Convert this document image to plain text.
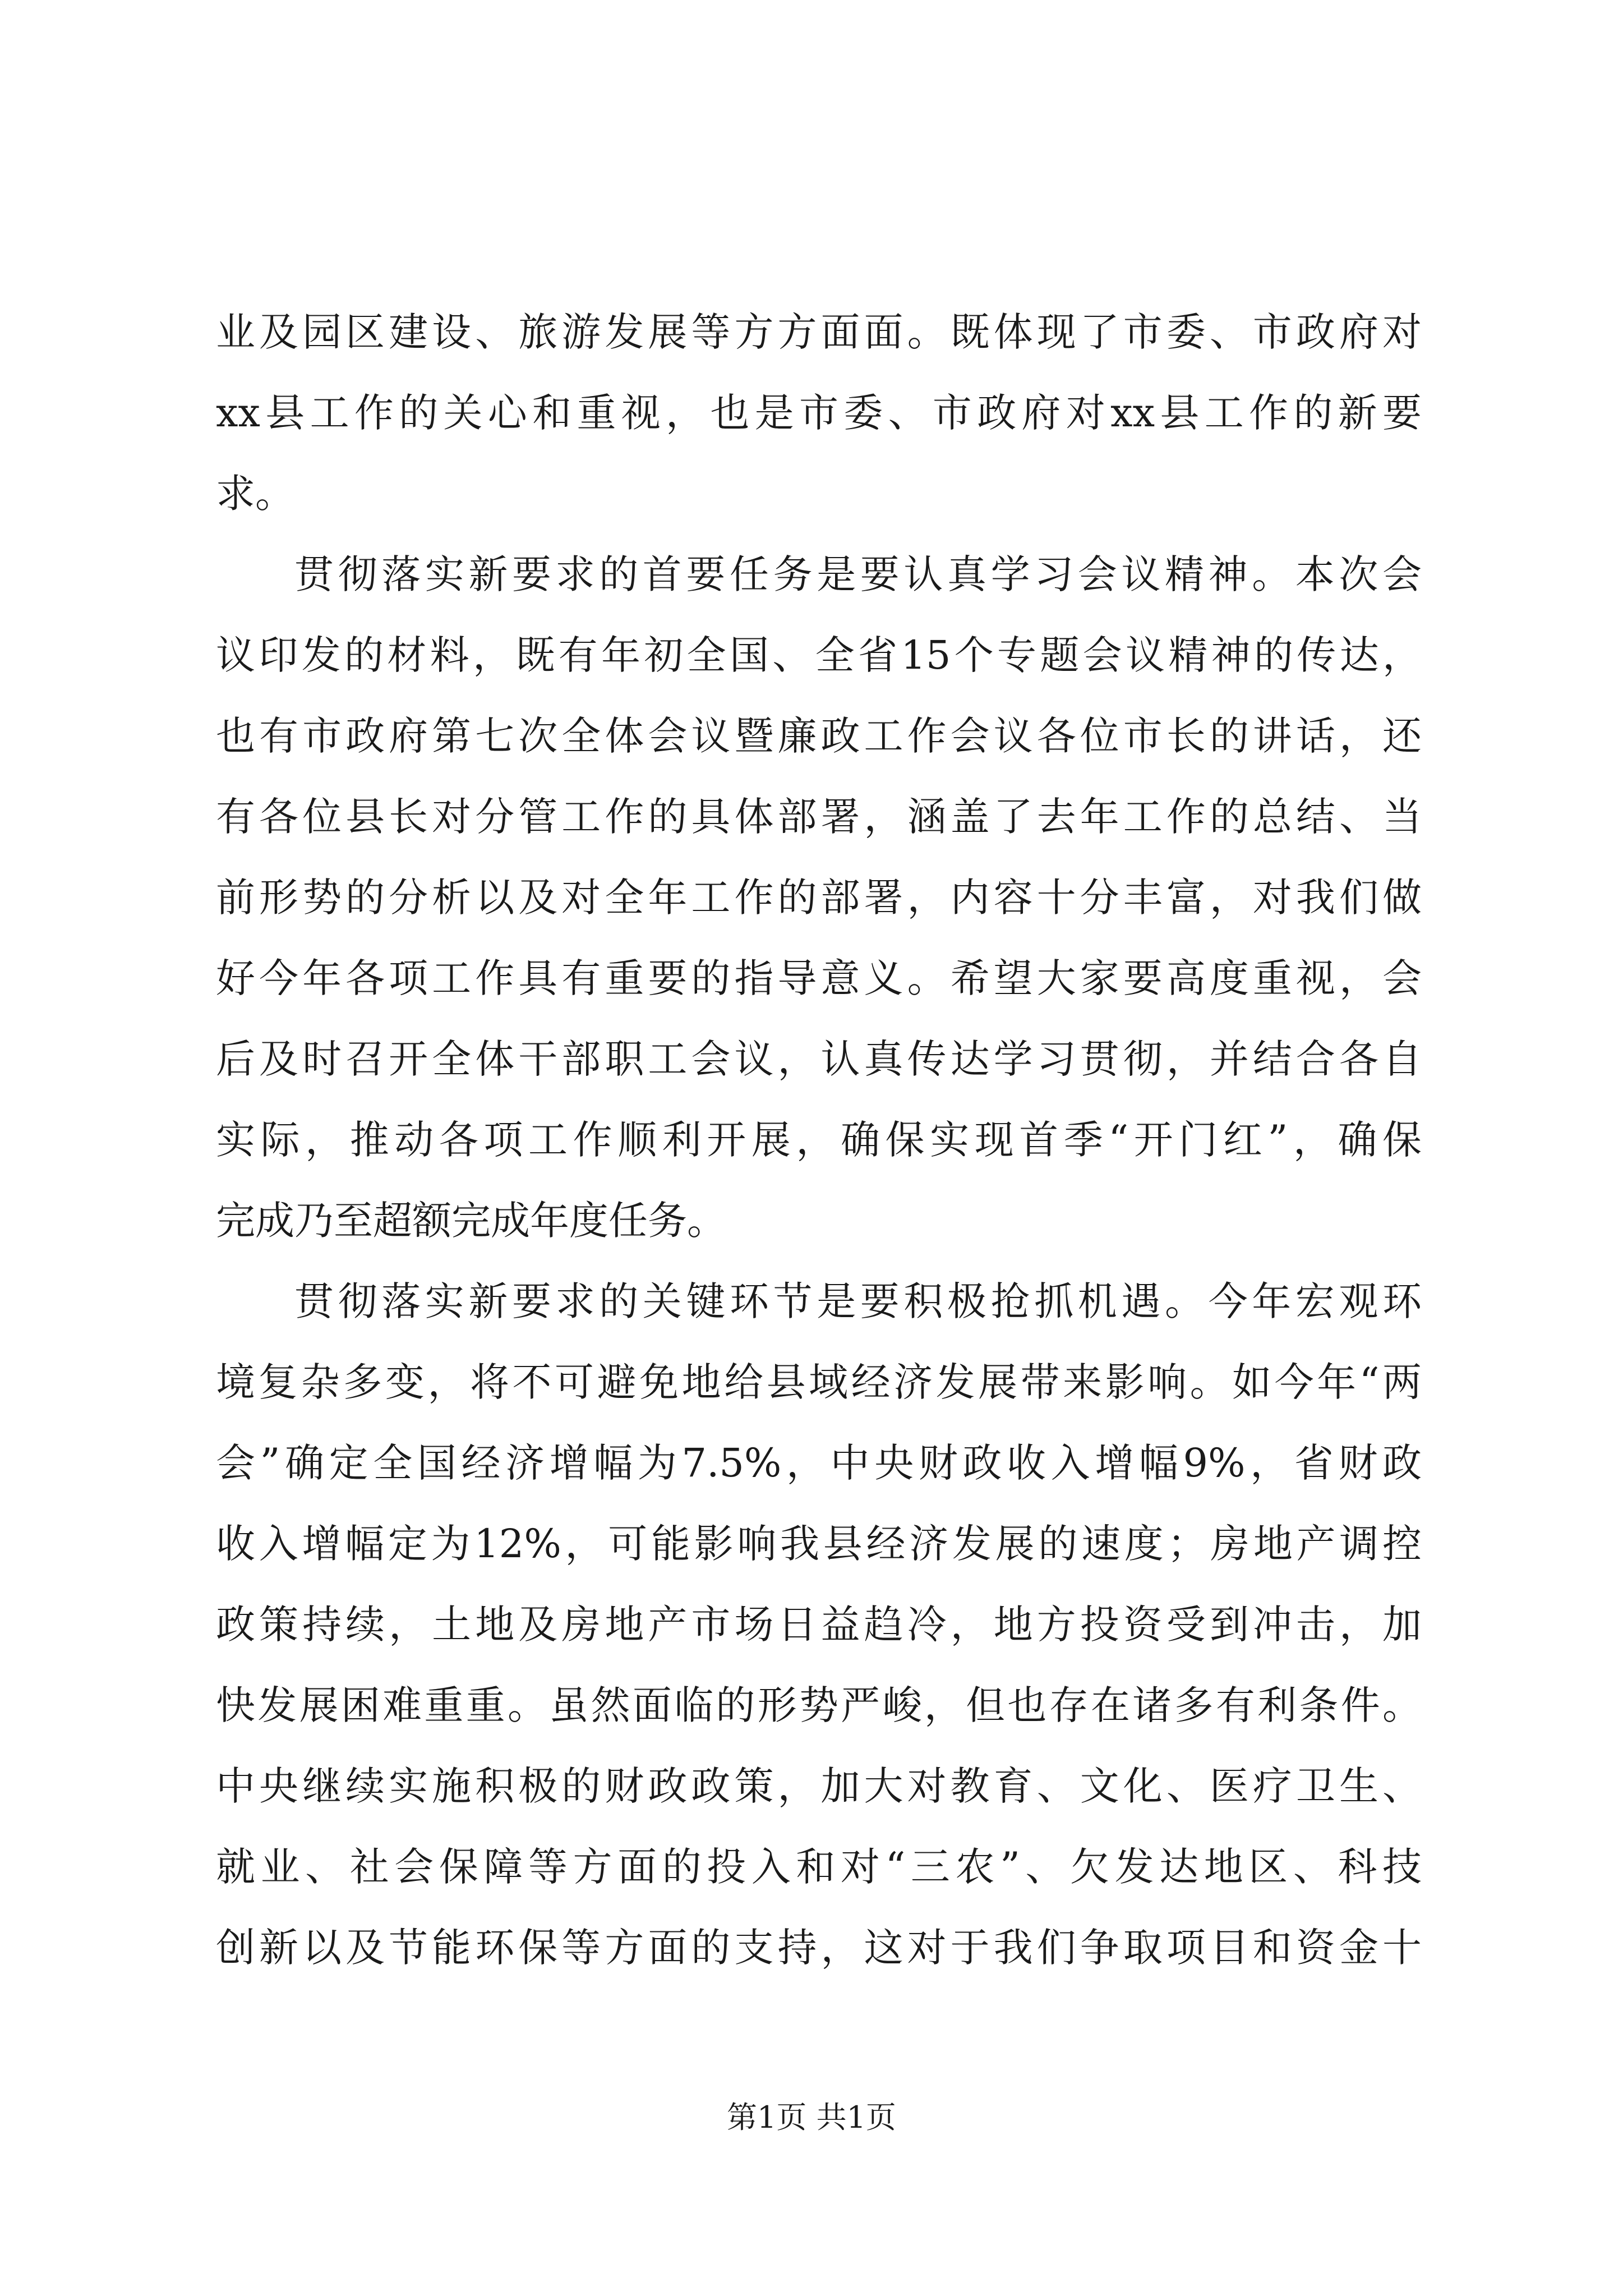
业及园区建设、旅游发展等方方面面。既体现了市委、市政府对
xx县工作的关心和重视，也是市委、市政府对xx县工作的新要
求。
贯彻落实新要求的首要任务是要认真学习会议精神。本次会
议印发的材料，既有年初全国、全省15个专题会议精神的传达，
也有市政府第七次全体会议暨廉政工作会议各位市长的讲话，还
有各位县长对分管工作的具体部署，涵盖了去年工作的总结、当
前形势的分析以及对全年工作的部署，内容十分丰富，对我们做
好今年各项工作具有重要的指导意义。希望大家要高度重视，会
后及时召开全体干部职工会议，认真传达学习贯彻，并结合各自
实际，推动各项工作顺利开展，确保实现首季“开门红”，确保
完成乃至超额完成年度任务。
贯彻落实新要求的关键环节是要积极抢抓机遇。今年宏观环
境复杂多变，将不可避免地给县域经济发展带来影响。如今年“两
会”确定全国经济增幅为7.5%，中央财政收入增幅9%，省财政
收入增幅定为12%，可能影响我县经济发展的速度；房地产调控
政策持续，土地及房地产市场日益趋冷，地方投资受到冲击，加
快发展困难重重。虽然面临的形势严峻，但也存在诸多有利条件。
中央继续实施积极的财政政策，加大对教育、文化、医疗卫生、
就业、社会保障等方面的投入和对“三农”、欠发达地区、科技
创新以及节能环保等方面的支持，这对于我们争取项目和资金十
第1页 共1页
